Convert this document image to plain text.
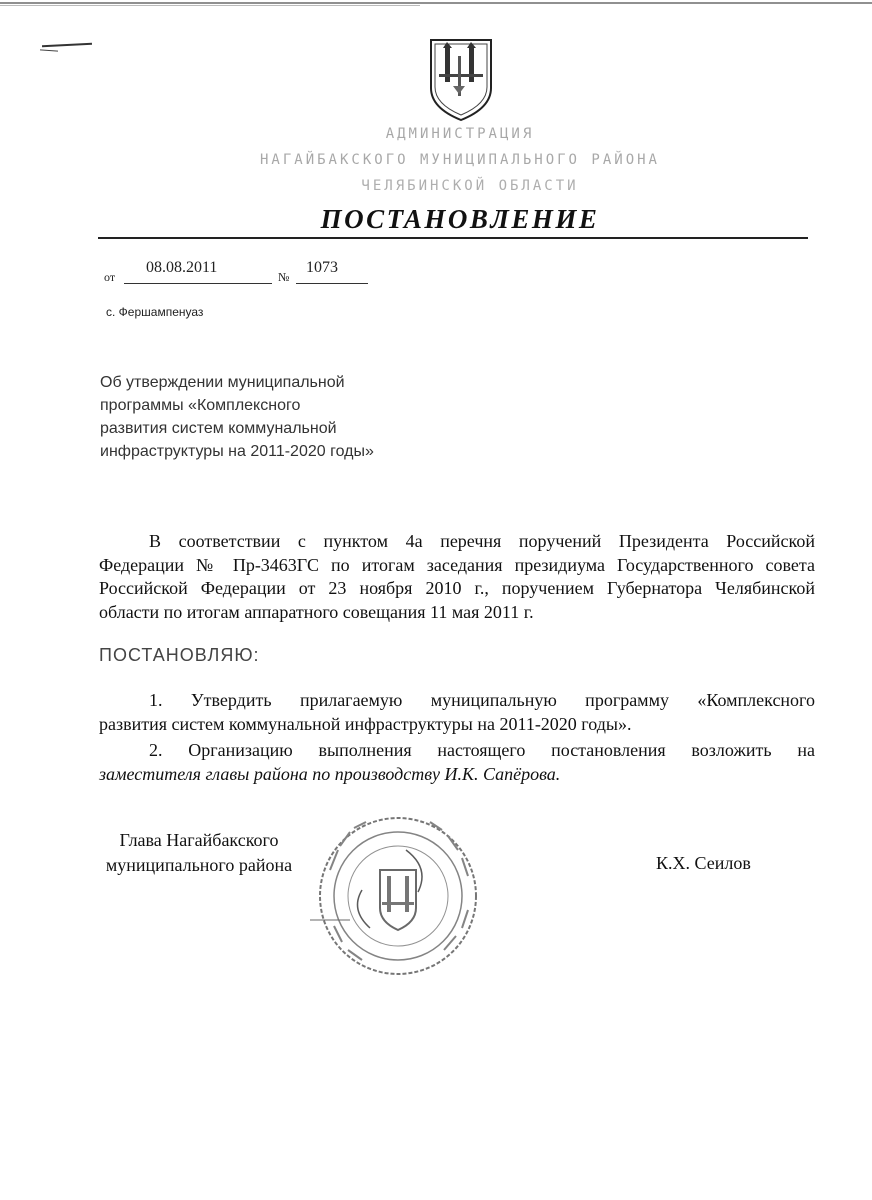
АДМИНИСТРАЦИЯ
НАГАЙБАКСКОГО МУНИЦИПАЛЬНОГО РАЙОНА
ЧЕЛЯБИНСКОЙ ОБЛАСТИ
ПОСТАНОВЛЕНИЕ
от
08.08.2011
№
1073
с. Фершампенуаз
Об утверждении муниципальной
программы «Комплексного
развития систем коммунальной
инфраструктуры на 2011-2020 годы»
В соответствии с пунктом 4а перечня поручений Президента Российской
Федерации № Пр-3463ГС по итогам заседания президиума Государственного совета
Российской Федерации от 23 ноября 2010 г., поручением Губернатора Челябинской
области по итогам аппаратного совещания 11 мая 2011 г.
ПОСТАНОВЛЯЮ:
1. Утвердить прилагаемую муниципальную программу «Комплексного
развития систем коммунальной инфраструктуры на 2011-2020 годы».
2. Организацию выполнения настоящего постановления возложить на
заместителя главы района по производству И.К. Сапёрова.
Глава Нагайбакского
муниципального района	К.Х. Сеилов
